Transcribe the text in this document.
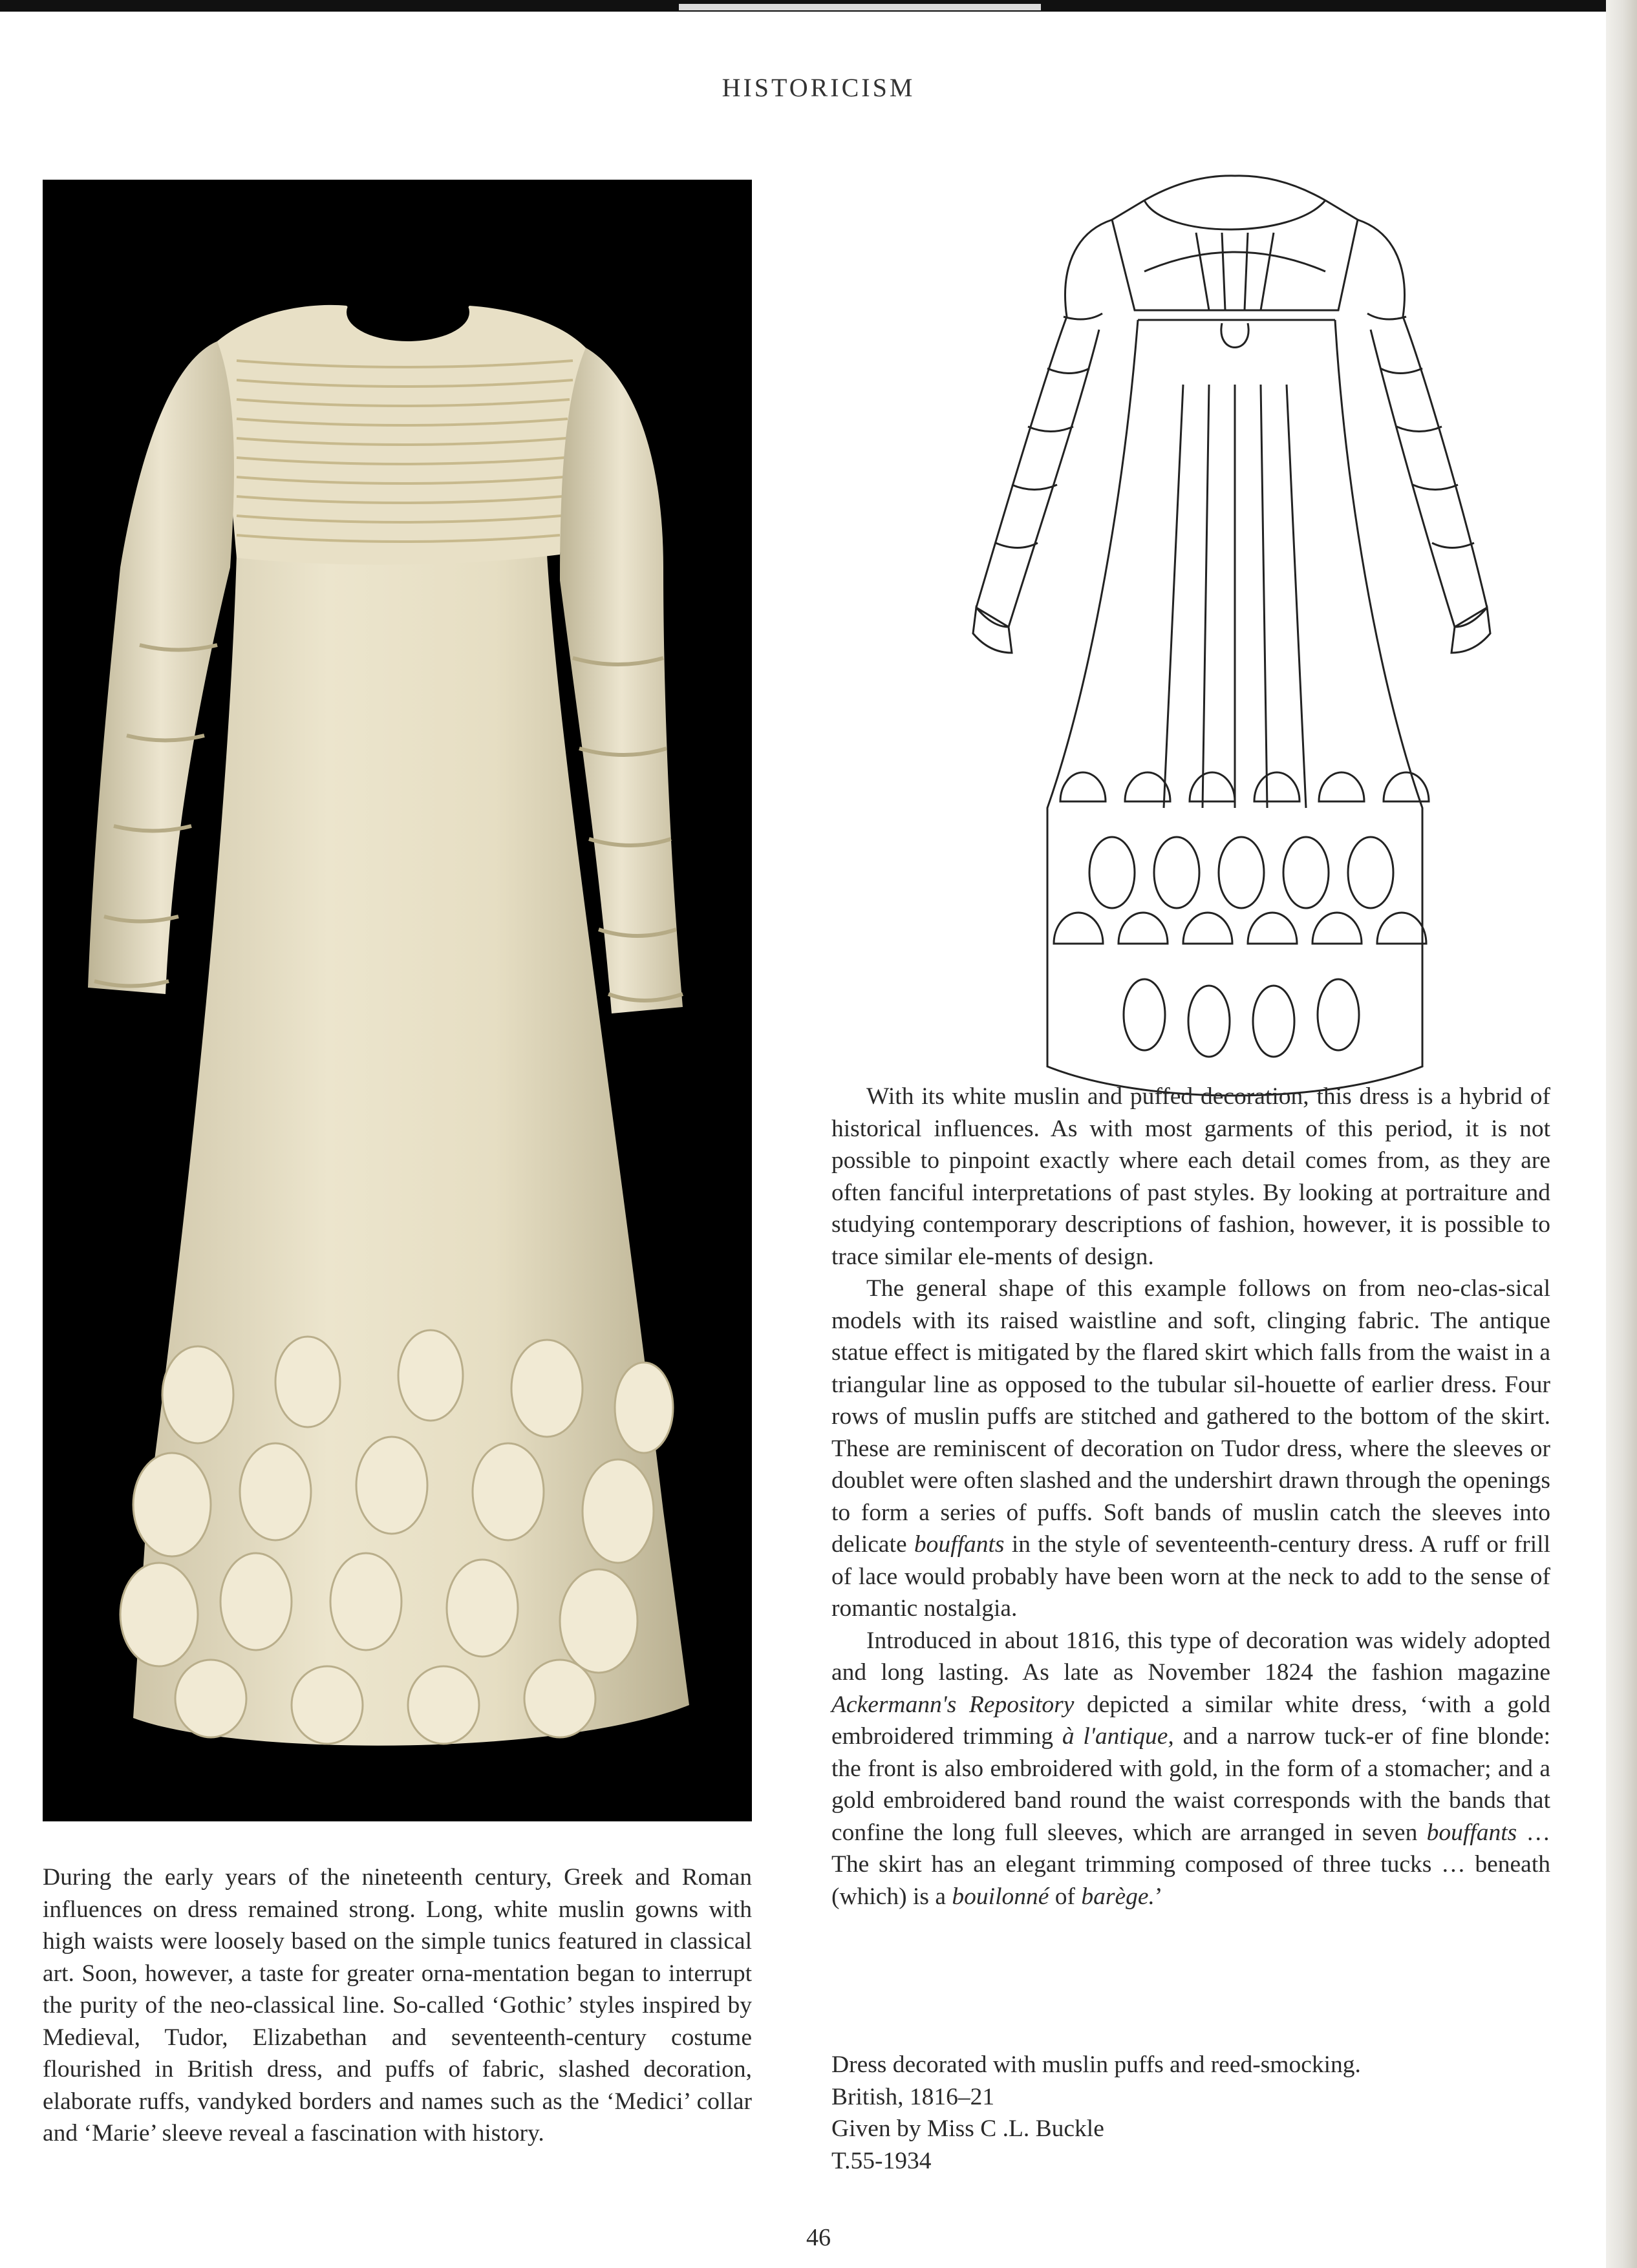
HISTORICISM

With its white muslin and puffed decoration, this dress is a hybrid of historical influences. As with most garments of this period, it is not possible to pinpoint exactly where each detail comes from, as they are often fanciful interpretations of past styles. By looking at portraiture and studying contemporary descriptions of fashion, however, it is possible to trace similar ele-ments of design.

The general shape of this example follows on from neo-clas-sical models with its raised waistline and soft, clinging fabric. The antique statue effect is mitigated by the flared skirt which falls from the waist in a triangular line as opposed to the tubular sil-houette of earlier dress. Four rows of muslin puffs are stitched and gathered to the bottom of the skirt. These are reminiscent of decoration on Tudor dress, where the sleeves or doublet were often slashed and the undershirt drawn through the openings to form a series of puffs. Soft bands of muslin catch the sleeves into delicate bouffants in the style of seventeenth-century dress. A ruff or frill of lace would probably have been worn at the neck to add to the sense of romantic nostalgia.

Introduced in about 1816, this type of decoration was widely adopted and long lasting. As late as November 1824 the fashion magazine Ackermann's Repository depicted a similar white dress, ‘with a gold embroidered trimming à l'antique, and a narrow tuck-er of fine blonde: the front is also embroidered with gold, in the form of a stomacher; and a gold embroidered band round the waist corresponds with the bands that confine the long full sleeves, which are arranged in seven bouffants …The skirt has an elegant trimming composed of three tucks … beneath (which) is a bouilonné of barège.’

During the early years of the nineteenth century, Greek and Roman influences on dress remained strong. Long, white muslin gowns with high waists were loosely based on the simple tunics featured in classical art. Soon, however, a taste for greater orna-mentation began to interrupt the purity of the neo-classical line. So-called ‘Gothic’ styles inspired by Medieval, Tudor, Elizabethan and seventeenth-century costume flourished in British dress, and puffs of fabric, slashed decoration, elaborate ruffs, vandyked borders and names such as the ‘Medici’ collar and ‘Marie’ sleeve reveal a fascination with history.

Dress decorated with muslin puffs and reed-smocking.
British, 1816–21
Given by Miss C .L. Buckle
T.55-1934
46
